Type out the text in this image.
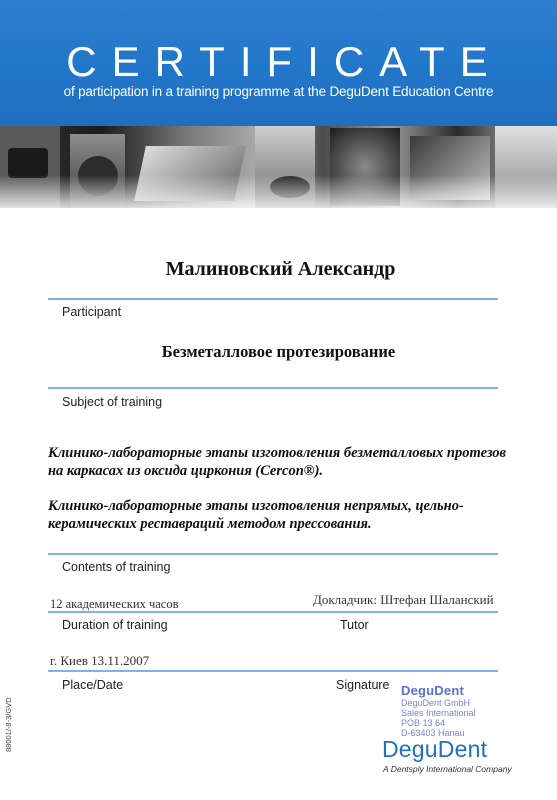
CERTIFICATE
of participation in a training programme at the DeguDent Education Centre
Малиновский Александр
Participant
Безметалловое протезирование
Subject of training

Клинико-лабораторные этапы изготовления безметалловых протезов на каркасах из оксида циркония (Cercon®).

Клинико-лабораторные этапы изготовления непрямых, цельно-керамических реставраций методом прессования.

Contents of training
12 академических часов	Докладчик: Штефан Шаланский
Duration of training	Tutor
г. Киев 13.11.2007
Place/Date	Signature DeguDent
DeguDent GmbH
Sales International
POB 13 64
D-63403 Hanau
DeguDent
A Dentsply International Company
88001/-8-3/GVD
